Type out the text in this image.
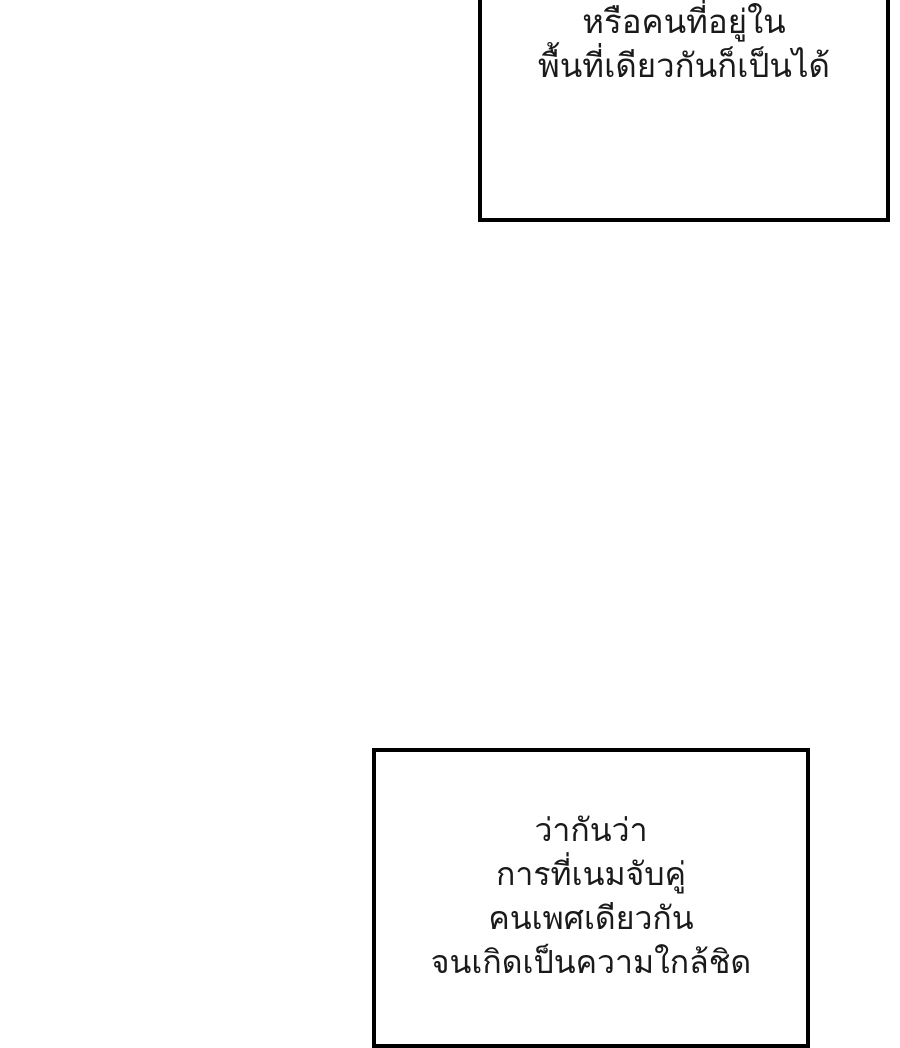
หรือคนที่อยู่ใน
พื้นที่เดียวกันก็เป็นได้
ว่ากันว่า
การที่เนมจับคู่
คนเพศเดียวกัน
จนเกิดเป็นความใกล้ชิด
